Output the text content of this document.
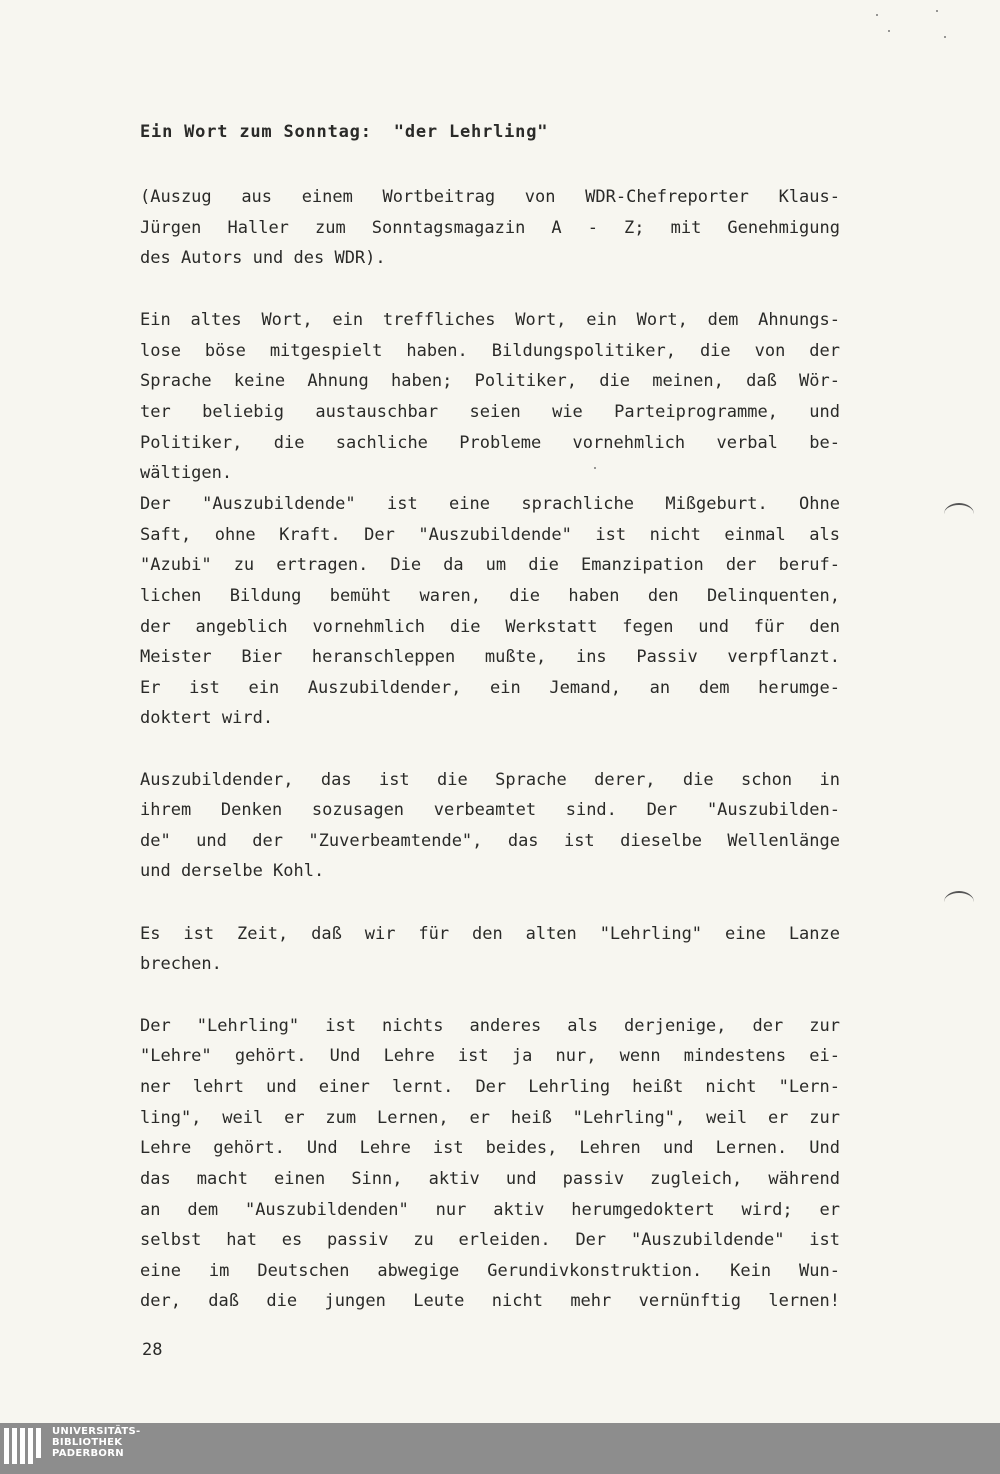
Ein Wort zum Sonntag:  "der Lehrling"
(Auszug aus einem Wortbeitrag von WDR-Chefreporter Klaus-
Jürgen Haller zum Sonntagsmagazin A - Z; mit Genehmigung
des Autors und des WDR).
Ein altes Wort, ein treffliches Wort, ein Wort, dem Ahnungs-
lose böse mitgespielt haben. Bildungspolitiker, die von der
Sprache keine Ahnung haben; Politiker, die meinen, daß Wör-
ter beliebig austauschbar seien wie Parteiprogramme, und
Politiker, die sachliche Probleme vornehmlich verbal be-
wältigen.
Der "Auszubildende" ist eine sprachliche Mißgeburt. Ohne
Saft, ohne Kraft. Der "Auszubildende" ist nicht einmal als
"Azubi" zu ertragen. Die da um die Emanzipation der beruf-
lichen Bildung bemüht waren, die haben den Delinquenten,
der angeblich vornehmlich die Werkstatt fegen und für den
Meister Bier heranschleppen mußte, ins Passiv verpflanzt.
Er ist ein Auszubildender, ein Jemand, an dem herumge-
doktert wird.
Auszubildender, das ist die Sprache derer, die schon in
ihrem Denken sozusagen verbeamtet sind. Der "Auszubilden-
de" und der "Zuverbeamtende", das ist dieselbe Wellenlänge
und derselbe Kohl.
Es ist Zeit, daß wir für den alten "Lehrling" eine Lanze
brechen.
Der "Lehrling" ist nichts anderes als derjenige, der zur
"Lehre" gehört. Und Lehre ist ja nur, wenn mindestens ei-
ner lehrt und einer lernt. Der Lehrling heißt nicht "Lern-
ling", weil er zum Lernen, er heiß "Lehrling", weil er zur
Lehre gehört. Und Lehre ist beides, Lehren und Lernen. Und
das macht einen Sinn, aktiv und passiv zugleich, während
an dem "Auszubildenden" nur aktiv herumgedoktert wird; er
selbst hat es passiv zu erleiden. Der "Auszubildende" ist
eine im Deutschen abwegige Gerundivkonstruktion. Kein Wun-
der, daß die jungen Leute nicht mehr vernünftig lernen!
28
UNIVERSITÄTS-
BIBLIOTHEK
PADERBORN
